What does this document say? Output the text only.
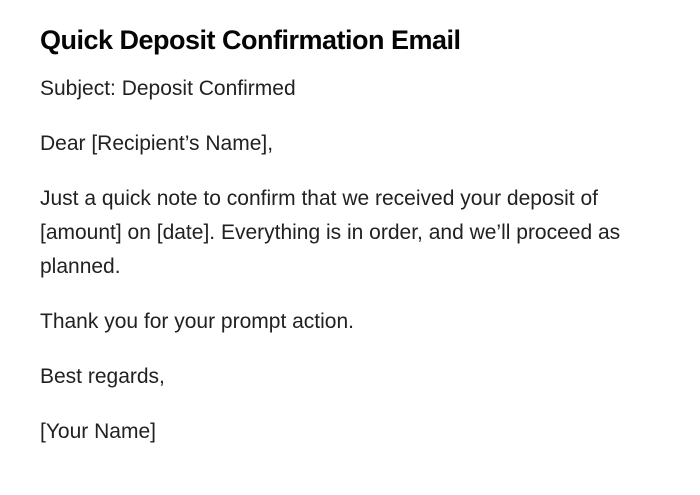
Quick Deposit Confirmation Email

Subject: Deposit Confirmed

Dear [Recipient’s Name],

Just a quick note to confirm that we received your deposit of [amount] on [date]. Everything is in order, and we’ll proceed as planned.

Thank you for your prompt action.

Best regards,

[Your Name]
